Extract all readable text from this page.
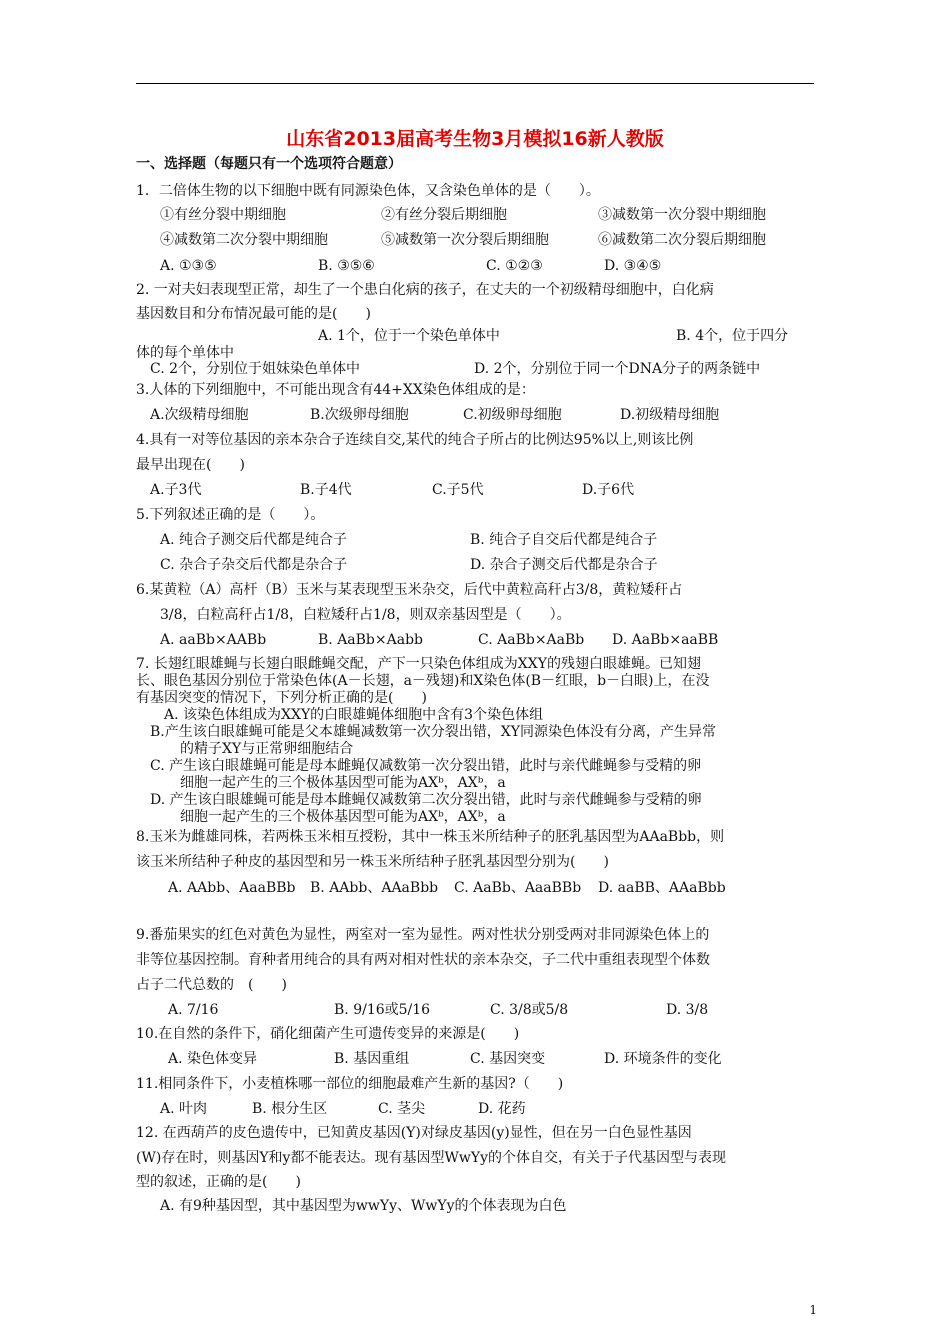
山东省2013届高考生物3月模拟16新人教版
一、选择题（每题只有一个选项符合题意）
1．二倍体生物的以下细胞中既有同源染色体，又含染色单体的是（　　）。
①有丝分裂中期细胞	②有丝分裂后期细胞	③减数第一次分裂中期细胞
④减数第二次分裂中期细胞	⑤减数第一次分裂后期细胞	⑥减数第二次分裂后期细胞
A. ①③⑤	B. ③⑤⑥	C. ①②③	D. ③④⑤
2. 一对夫妇表现型正常，却生了一个患白化病的孩子，在丈夫的一个初级精母细胞中，白化病
基因数目和分布情况最可能的是(　　)
A. 1个，位于一个染色单体中	B. 4个，位于四分
体的每个单体中
C. 2个，分别位于姐妹染色单体中	D. 2个，分别位于同一个DNA分子的两条链中
3.人体的下列细胞中，不可能出现含有44+XX染色体组成的是：
A.次级精母细胞	B.次级卵母细胞	C.初级卵母细胞	D.初级精母细胞
4.具有一对等位基因的亲本杂合子连续自交,某代的纯合子所占的比例达95%以上,则该比例
最早出现在(　　)
A.子3代	B.子4代	C.子5代	D.子6代
5.下列叙述正确的是（　　）。
A. 纯合子测交后代都是纯合子	B. 纯合子自交后代都是纯合子
C. 杂合子杂交后代都是杂合子	D. 杂合子测交后代都是杂合子
6.某黄粒（A）高杆（B）玉米与某表现型玉米杂交，后代中黄粒高秆占3/8，黄粒矮秆占
3/8，白粒高秆占1/8，白粒矮秆占1/8，则双亲基因型是（　　）。
A. aaBb×AABb	B. AaBb×Aabb	C. AaBb×AaBb D. AaBb×aaBB
7. 长翅红眼雄蝇与长翅白眼雌蝇交配，产下一只染色体组成为XXY的残翅白眼雄蝇。已知翅
长、眼色基因分别位于常染色体(A－长翅，a－残翅)和X染色体(B－红眼，b－白眼)上，在没
有基因突变的情况下，下列分析正确的是(　　)
A. 该染色体组成为XXY的白眼雄蝇体细胞中含有3个染色体组
B.产生该白眼雄蝇可能是父本雄蝇减数第一次分裂出错，XY同源染色体没有分离，产生异常
的精子XY与正常卵细胞结合
C. 产生该白眼雄蝇可能是母本雌蝇仅减数第一次分裂出错，此时与亲代雌蝇参与受精的卵
细胞一起产生的三个极体基因型可能为AXᵇ，AXᵇ，a
D. 产生该白眼雄蝇可能是母本雌蝇仅减数第二次分裂出错，此时与亲代雌蝇参与受精的卵
细胞一起产生的三个极体基因型可能为AXᵇ，AXᵇ，a
8.玉米为雌雄同株，若两株玉米相互授粉，其中一株玉米所结种子的胚乳基因型为AAaBbb，则
该玉米所结种子种皮的基因型和另一株玉米所结种子胚乳基因型分别为(　　)
A. AAbb、AaaBBb B. AAbb、AAaBbb C. AaBb、AaaBBb D. aaBB、AAaBbb
9.番茄果实的红色对黄色为显性，两室对一室为显性。两对性状分别受两对非同源染色体上的
非等位基因控制。育种者用纯合的具有两对相对性状的亲本杂交，子二代中重组表现型个体数
占子二代总数的　(　　)
A. 7/16	B. 9/16或5/16	C. 3/8或5/8	D. 3/8
10.在自然的条件下，硝化细菌产生可遗传变异的来源是(　　)
A. 染色体变异	B. 基因重组	C. 基因突变	D. 环境条件的变化
11.相同条件下，小麦植株哪一部位的细胞最难产生新的基因?（　　)
A. 叶肉	B. 根分生区	C. 茎尖	D. 花药
12. 在西葫芦的皮色遗传中，已知黄皮基因(Y)对绿皮基因(y)显性，但在另一白色显性基因
(W)存在时，则基因Y和y都不能表达。现有基因型WwYy的个体自交，有关于子代基因型与表现
型的叙述，正确的是(　　)
A. 有9种基因型，其中基因型为wwYy、WwYy的个体表现为白色
1
